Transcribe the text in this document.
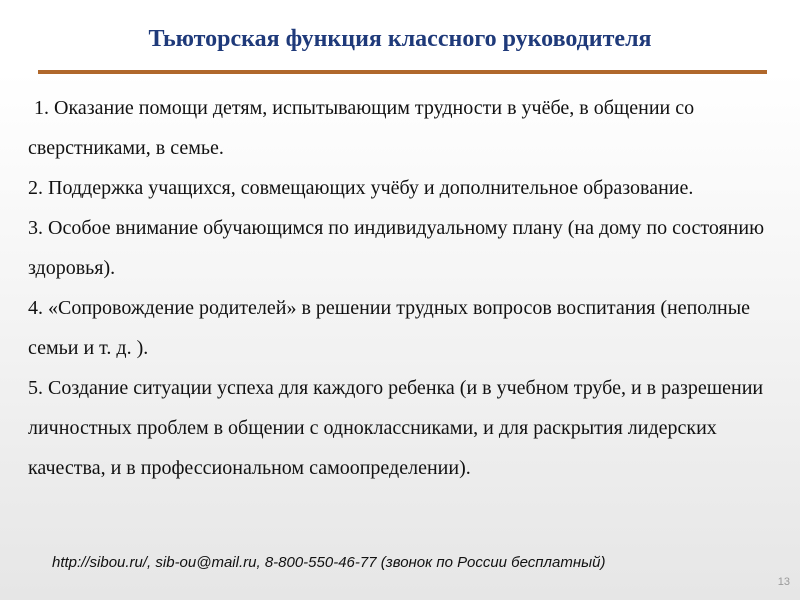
Тьюторская функция классного руководителя

1. Оказание помощи детям, испытывающим трудности в учёбе, в общении со сверстниками, в семье.

2. Поддержка учащихся, совмещающих учёбу и дополнительное образование.

3. Особое внимание обучающимся по индивидуальному плану (на дому по состоянию здоровья).

4. «Сопровождение родителей» в решении трудных вопросов воспитания (неполные семьи и т. д. ).

5. Создание ситуации успеха для каждого ребенка (и в учебном трубе, и в разрешении личностных проблем в общении с одноклассниками, и для раскрытия лидерских качества, и в профессиональном самоопределении).

http://sibou.ru/, sib-ou@mail.ru, 8-800-550-46-77 (звонок по России бесплатный)
13
